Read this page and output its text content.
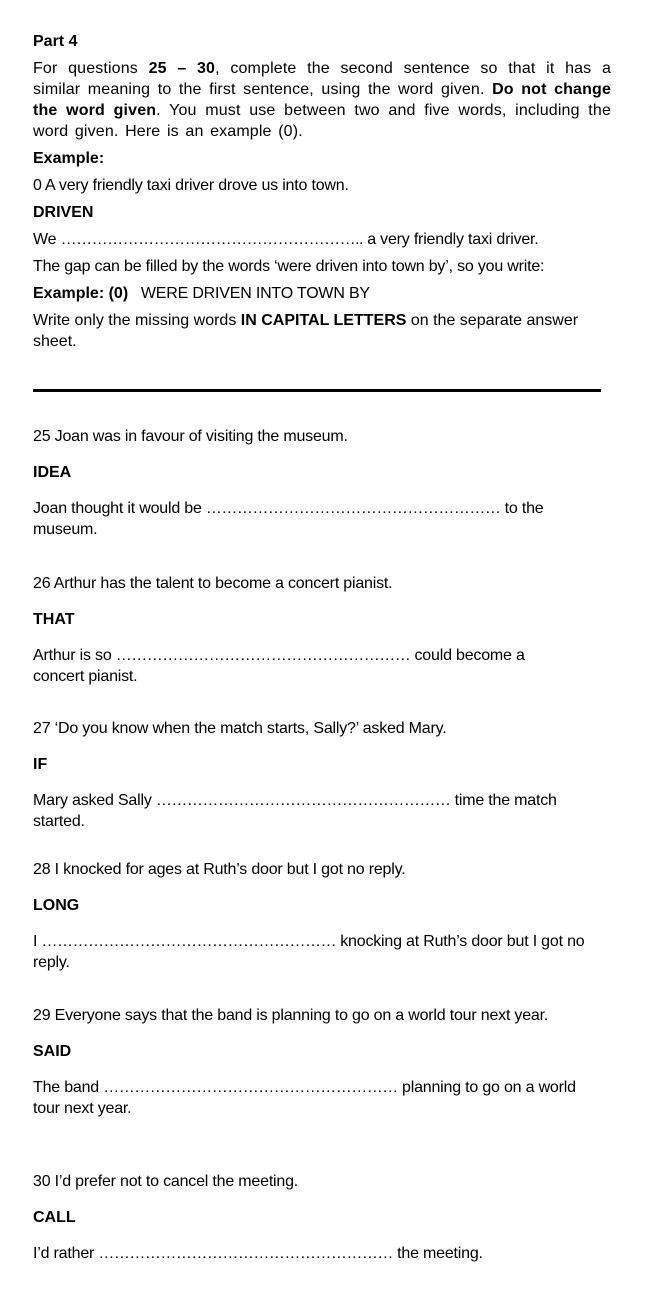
Part 4

For questions 25 – 30, complete the second sentence so that it has a similar meaning to the first sentence, using the word given. Do not change the word given. You must use between two and five words, including the word given. Here is an example (0).

Example:

0 A very friendly taxi driver drove us into town.

DRIVEN

We ………………………………………………….. a very friendly taxi driver.

The gap can be filled by the words ‘were driven into town by’, so you write:

Example: (0)   WERE DRIVEN INTO TOWN BY

Write only the missing words IN CAPITAL LETTERS on the separate answer sheet.

25 Joan was in favour of visiting the museum.

IDEA

Joan thought it would be ………………………………………………… to the museum.

26 Arthur has the talent to become a concert pianist.

THAT

Arthur is so ………………………………………………… could become a concert pianist.

27 ‘Do you know when the match starts, Sally?’ asked Mary.

IF

Mary asked Sally ………………………………………………… time the match started.

28 I knocked for ages at Ruth’s door but I got no reply.

LONG

I ………………………………………………… knocking at Ruth’s door but I got no reply.

29 Everyone says that the band is planning to go on a world tour next year.

SAID

The band ………………………………………………… planning to go on a world tour next year.

30 I’d prefer not to cancel the meeting.

CALL

I’d rather ………………………………………………… the meeting.
